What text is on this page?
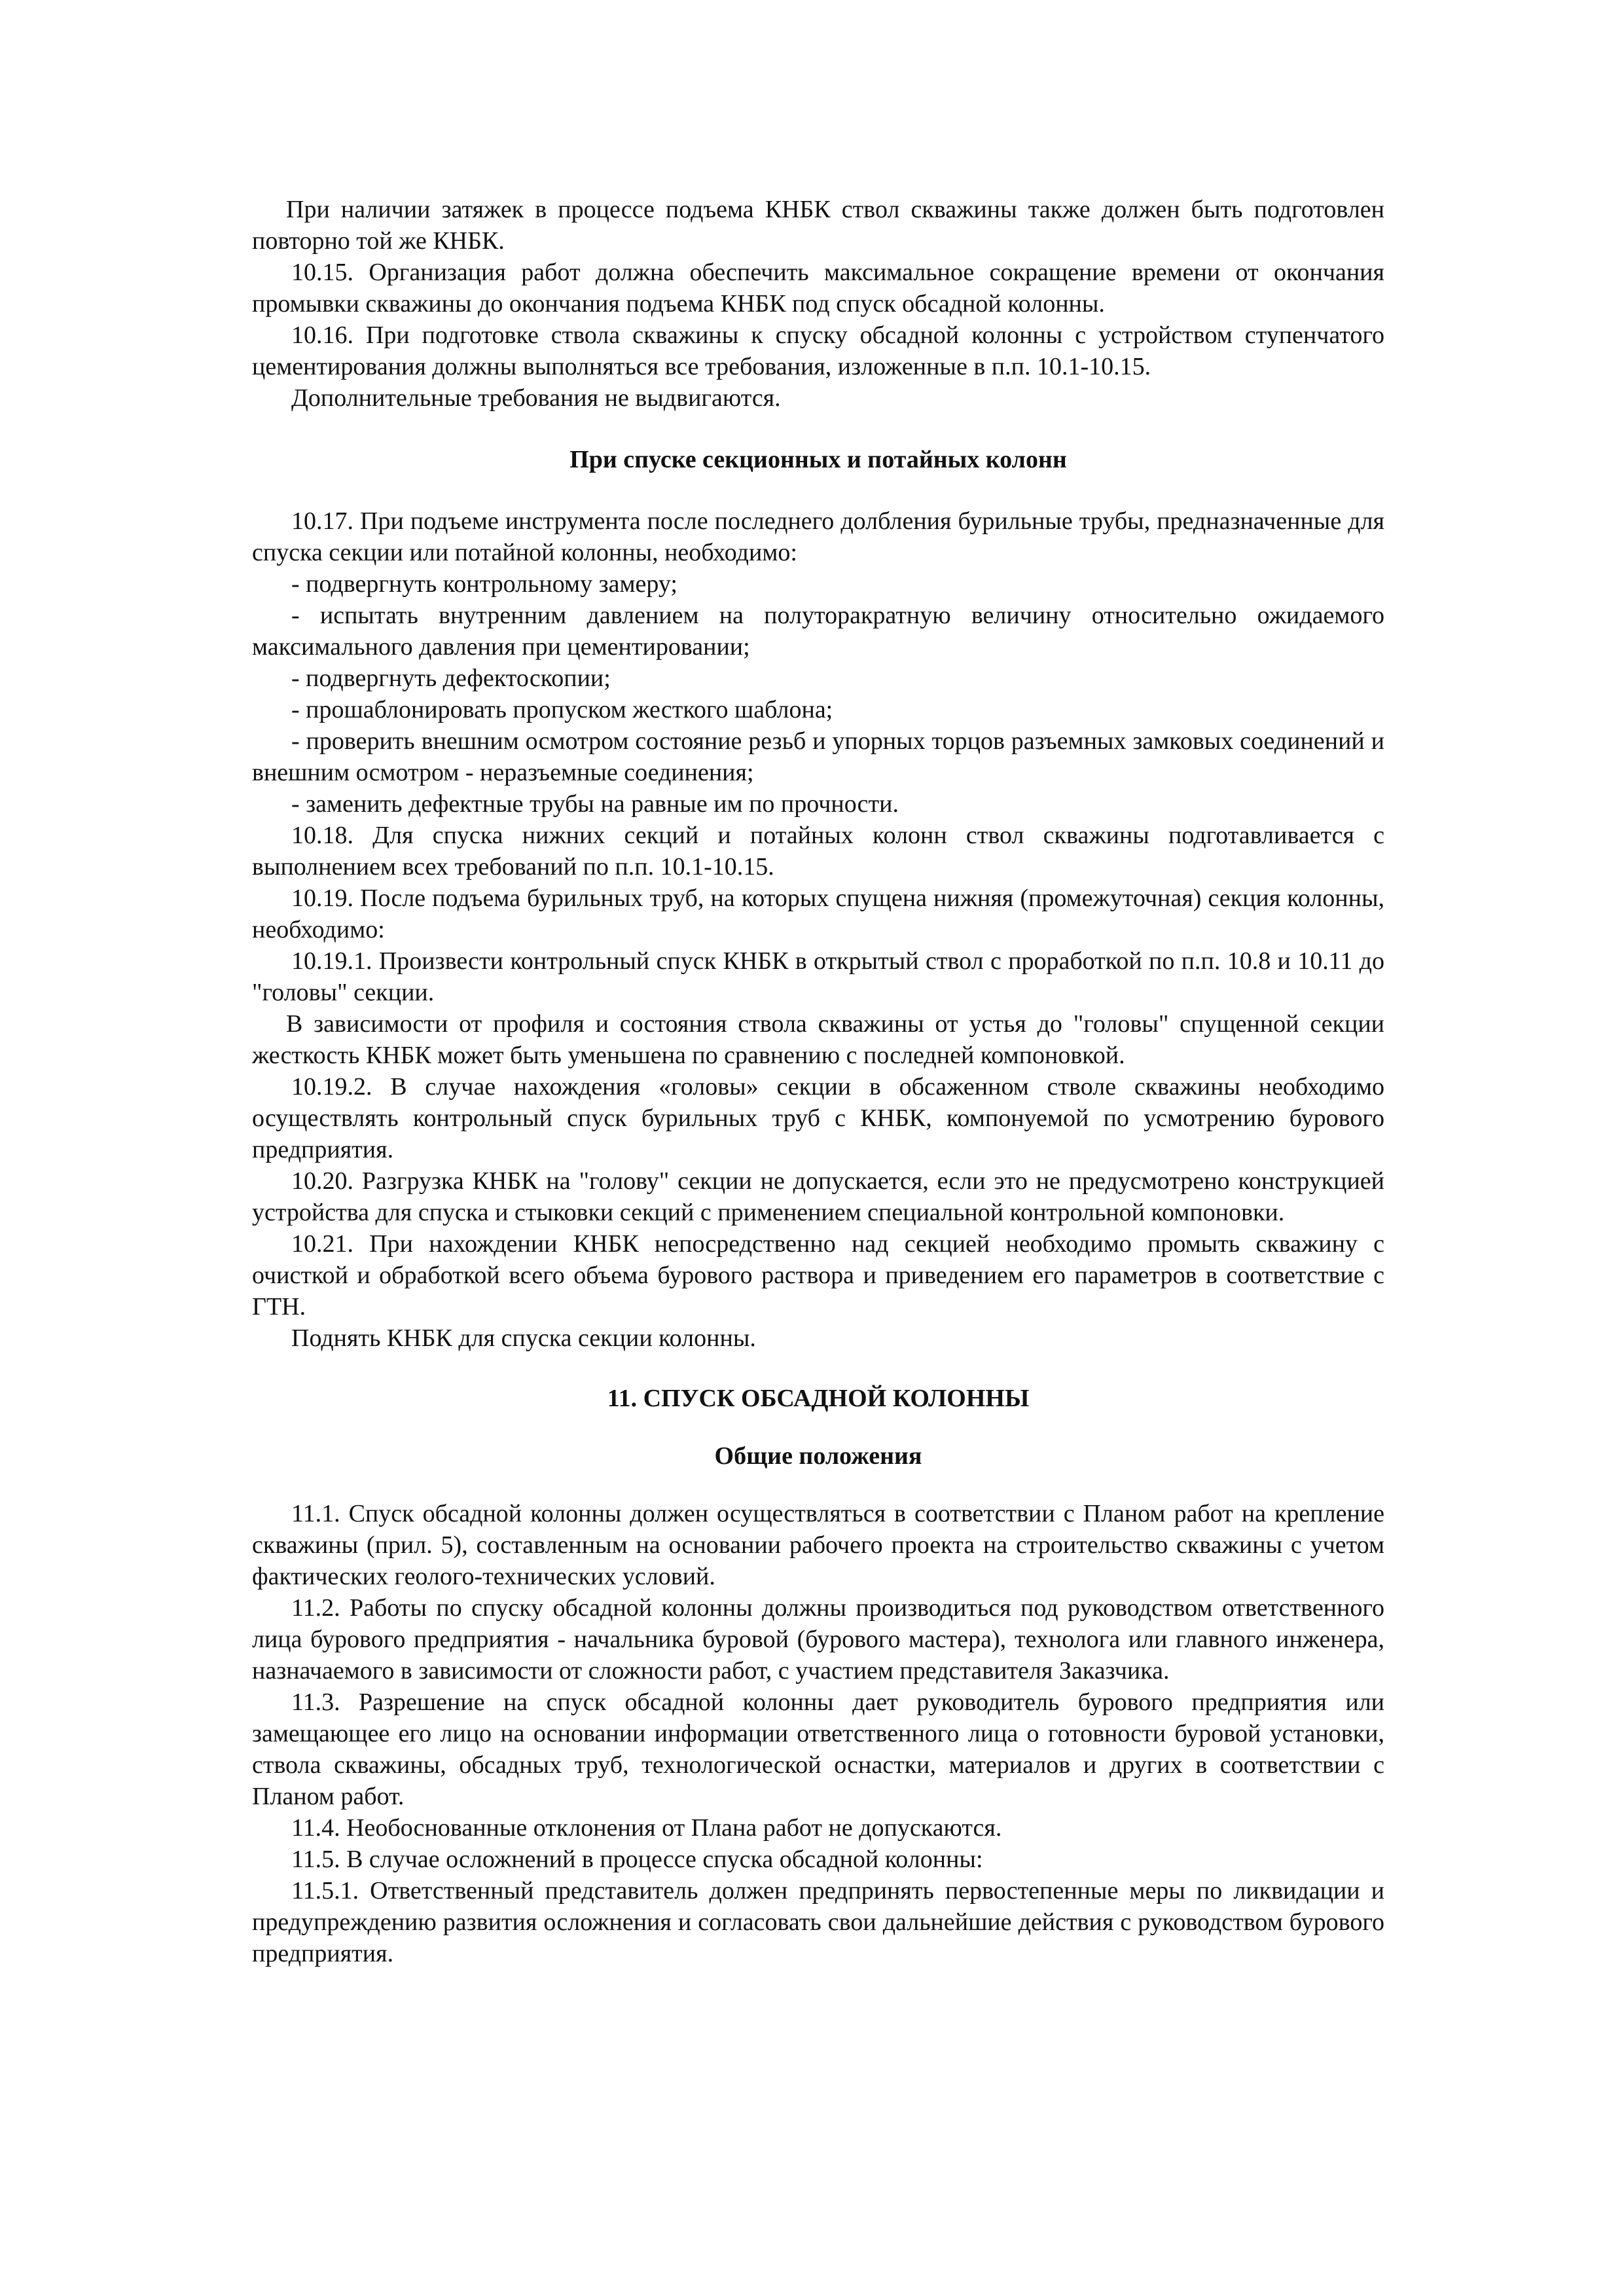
При наличии затяжек в процессе подъема КНБК ствол скважины также должен быть подготовлен повторно той же КНБК.

10.15. Организация работ должна обеспечить максимальное сокращение времени от окончания промывки скважины до окончания подъема КНБК под спуск обсадной колонны.

10.16. При подготовке ствола скважины к спуску обсадной колонны с устройством ступенчатого цементирования должны выполняться все требования, изложенные в п.п. 10.1-10.15.

Дополнительные требования не выдвигаются.

При спуске секционных и потайных колонн

10.17. При подъеме инструмента после последнего долбления бурильные трубы, предназначенные для спуска секции или потайной колонны, необходимо:

- подвергнуть контрольному замеру;

- испытать внутренним давлением на полуторакратную величину относительно ожидаемого максимального давления при цементировании;

- подвергнуть дефектоскопии;

- прошаблонировать пропуском жесткого шаблона;

- проверить внешним осмотром состояние резьб и упорных торцов разъемных замковых соединений и внешним осмотром - неразъемные соединения;

- заменить дефектные трубы на равные им по прочности.

10.18. Для спуска нижних секций и потайных колонн ствол скважины подготавливается с выполнением всех требований по п.п. 10.1-10.15.

10.19. После подъема бурильных труб, на которых спущена нижняя (промежуточная) секция колонны, необходимо:

10.19.1. Произвести контрольный спуск КНБК в открытый ствол с проработкой по п.п. 10.8 и 10.11 до "головы" секции.

В зависимости от профиля и состояния ствола скважины от устья до "головы" спущенной секции жесткость КНБК может быть уменьшена по сравнению с последней компоновкой.

10.19.2. В случае нахождения «головы» секции в обсаженном стволе скважины необходимо осуществлять контрольный спуск бурильных труб с КНБК, компонуемой по усмотрению бурового предприятия.

10.20. Разгрузка КНБК на "голову" секции не допускается, если это не предусмотрено конструкцией устройства для спуска и стыковки секций с применением специальной контрольной компоновки.

10.21. При нахождении КНБК непосредственно над секцией необходимо промыть скважину с очисткой и обработкой всего объема бурового раствора и приведением его параметров в соответствие с ГТН.

Поднять КНБК для спуска секции колонны.

11. СПУСК ОБСАДНОЙ КОЛОННЫ

Общие положения

11.1. Спуск обсадной колонны должен осуществляться в соответствии с Планом работ на крепление скважины (прил. 5), составленным на основании рабочего проекта на строительство скважины с учетом фактических геолого-технических условий.

11.2. Работы по спуску обсадной колонны должны производиться под руководством ответственного лица бурового предприятия - начальника буровой (бурового мастера), технолога или главного инженера, назначаемого в зависимости от сложности работ, с участием представителя Заказчика.

11.3. Разрешение на спуск обсадной колонны дает руководитель бурового предприятия или замещающее его лицо на основании информации ответственного лица о готовности буровой установки, ствола скважины, обсадных труб, технологической оснастки, материалов и других в соответствии с Планом работ.

11.4. Необоснованные отклонения от Плана работ не допускаются.

11.5. В случае осложнений в процессе спуска обсадной колонны:

11.5.1. Ответственный представитель должен предпринять первостепенные меры по ликвидации и предупреждению развития осложнения и согласовать свои дальнейшие действия с руководством бурового предприятия.
